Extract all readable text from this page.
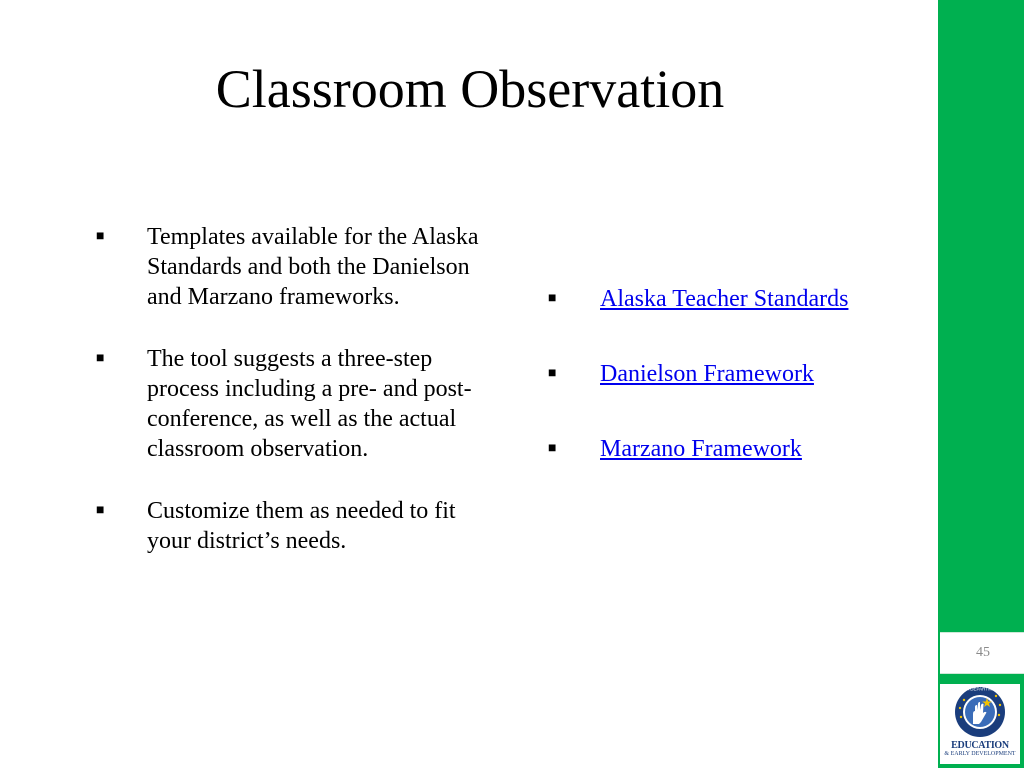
Classroom Observation
■	Templates available for the Alaska Standards and both the Danielson and Marzano frameworks.
■	The tool suggests a three-step process including a pre- and post-conference, as well as the actual classroom observation.
■	Customize them as needed to fit your district’s needs.
■ Alaska Teacher Standards
■ Danielson Framework
■ Marzano Framework
45
ALASKA DEPARTMENT OF
EDUCATION
& EARLY DEVELOPMENT
